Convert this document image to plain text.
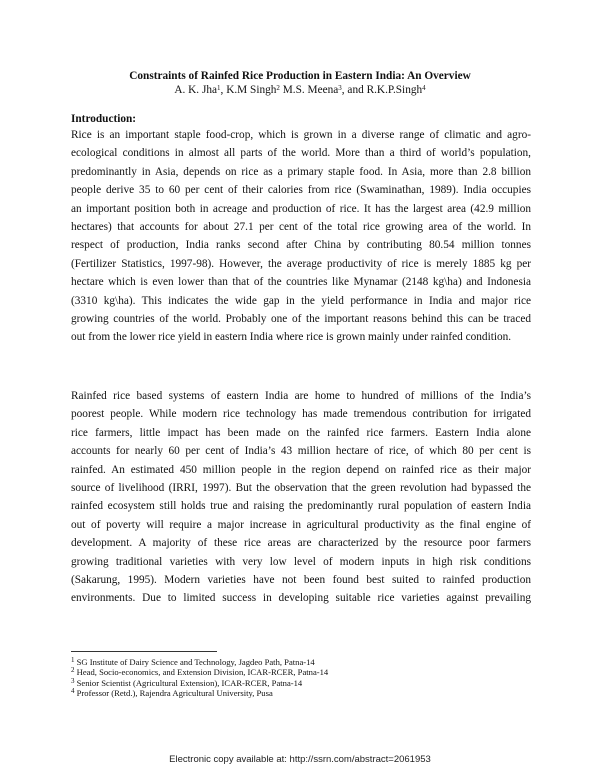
Constraints of Rainfed Rice Production in Eastern India: An Overview
A. K. Jha$^1$, K.M Singh$^2$ M.S. Meena$^3$, and R.K.P.Singh$^4$
Introduction:
Rice is an important staple food-crop, which is grown in a diverse range of climatic and agro-
ecological conditions in almost all parts of the world. More than a third of world’s population,
predominantly in Asia, depends on rice as a primary staple food. In Asia, more than 2.8 billion
people derive 35 to 60 per cent of their calories from rice (Swaminathan, 1989). India occupies
an important position both in acreage and production of rice. It has the largest area (42.9 million
hectares) that accounts for about 27.1 per cent of the total rice growing area of the world. In
respect of production, India ranks second after China by contributing 80.54 million tonnes
(Fertilizer Statistics, 1997-98). However, the average productivity of rice is merely 1885 kg per
hectare which is even lower than that of the countries like Mynamar (2148 kg\ha) and Indonesia
(3310 kg\ha). This indicates the wide gap in the yield performance in India and major rice
growing countries of the world. Probably one of the important reasons behind this can be traced
out from the lower rice yield in eastern India where rice is grown mainly under rainfed condition.
Rainfed rice based systems of eastern India are home to hundred of millions of the India’s
poorest people. While modern rice technology has made tremendous contribution for irrigated
rice farmers, little impact has been made on the rainfed rice farmers. Eastern India alone
accounts for nearly 60 per cent of India’s 43 million hectare of rice, of which 80 per cent is
rainfed. An estimated 450 million people in the region depend on rainfed rice as their major
source of livelihood (IRRI, 1997). But the observation that the green revolution had bypassed the
rainfed ecosystem still holds true and raising the predominantly rural population of eastern India
out of poverty will require a major increase in agricultural productivity as the final engine of
development. A majority of these rice areas are characterized by the resource poor farmers
growing traditional varieties with very low level of modern inputs in high risk conditions
(Sakarung, 1995). Modern varieties have not been found best suited to rainfed production
environments. Due to limited success in developing suitable rice varieties against prevailing
$^1$ SG Institute of Dairy Science and Technology, Jagdeo Path, Patna-14
$^2$ Head, Socio-economics, and Extension Division, ICAR-RCER, Patna-14
$^3$ Senior Scientist (Agricultural Extension), ICAR-RCER, Patna-14
$^4$ Professor (Retd.), Rajendra Agricultural University, Pusa
Electronic copy available at: http://ssrn.com/abstract=2061953
